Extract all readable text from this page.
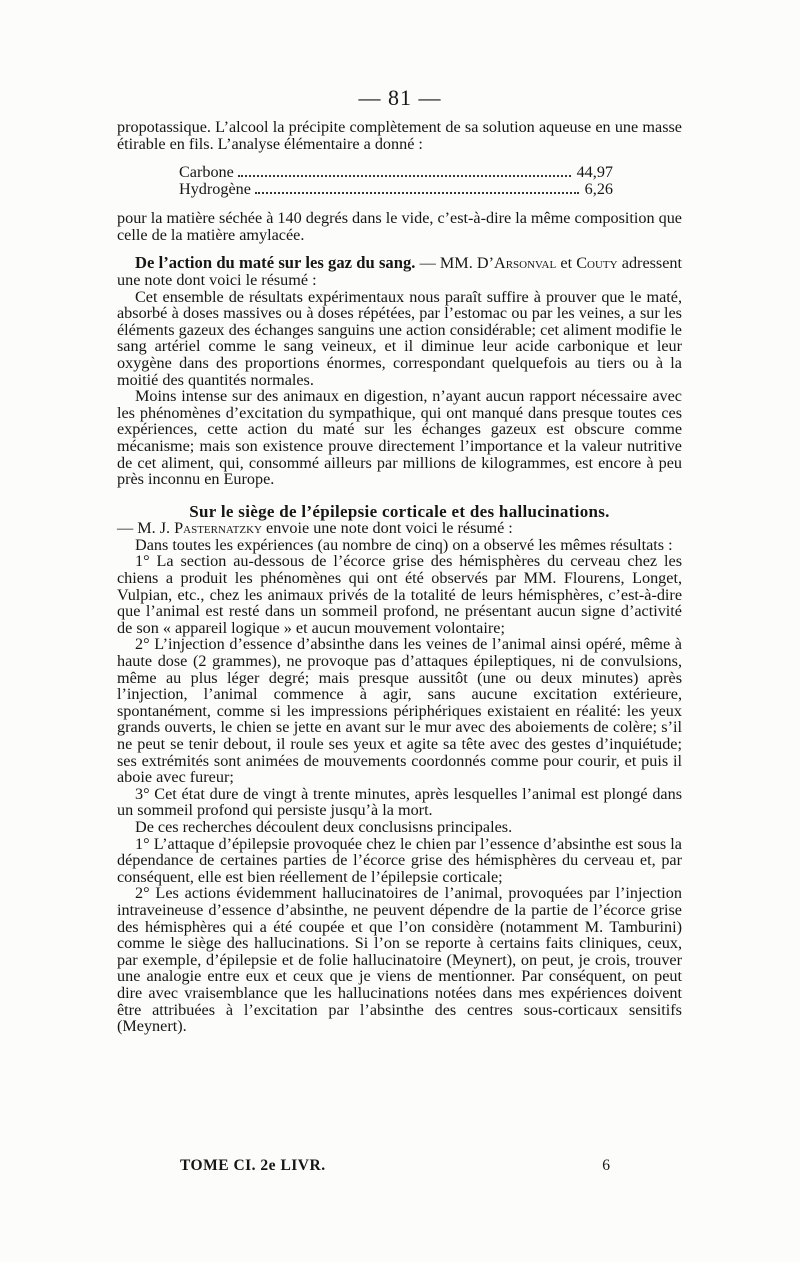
— 81 —

propotassique. L’alcool la précipite complètement de sa solution aqueuse en une masse étirable en fils. L’analyse élémentaire a donné :

Carbone	44,97
Hydrogène	6,26

pour la matière séchée à 140 degrés dans le vide, c’est-à-dire la même composition que celle de la matière amylacée.

De l’action du maté sur les gaz du sang. — MM. D’Arsonval et Couty adressent une note dont voici le résumé :

Cet ensemble de résultats expérimentaux nous paraît suffire à prouver que le maté, absorbé à doses massives ou à doses répétées, par l’estomac ou par les veines, a sur les éléments gazeux des échanges sanguins une action considérable; cet aliment modifie le sang artériel comme le sang veineux, et il diminue leur acide carbonique et leur oxygène dans des proportions énormes, correspondant quelquefois au tiers ou à la moitié des quantités normales.

Moins intense sur des animaux en digestion, n’ayant aucun rapport nécessaire avec les phénomènes d’excitation du sympathique, qui ont manqué dans presque toutes ces expériences, cette action du maté sur les échanges gazeux est obscure comme mécanisme; mais son existence prouve directement l’importance et la valeur nutritive de cet aliment, qui, consommé ailleurs par millions de kilogrammes, est encore à peu près inconnu en Europe.

Sur le siège de l’épilepsie corticale et des hallucinations.

— M. J. Pasternatzky envoie une note dont voici le résumé :

Dans toutes les expériences (au nombre de cinq) on a observé les mêmes résultats :

1° La section au-dessous de l’écorce grise des hémisphères du cerveau chez les chiens a produit les phénomènes qui ont été observés par MM. Flourens, Longet, Vulpian, etc., chez les animaux privés de la totalité de leurs hémisphères, c’est-à-dire que l’animal est resté dans un sommeil profond, ne présentant aucun signe d’activité de son « appareil logique » et aucun mouvement volontaire;

2° L’injection d’essence d’absinthe dans les veines de l’animal ainsi opéré, même à haute dose (2 grammes), ne provoque pas d’attaques épileptiques, ni de convulsions, même au plus léger degré; mais presque aussitôt (une ou deux minutes) après l’injection, l’animal commence à agir, sans aucune excitation extérieure, spontanément, comme si les impressions périphériques existaient en réalité: les yeux grands ouverts, le chien se jette en avant sur le mur avec des aboiements de colère; s’il ne peut se tenir debout, il roule ses yeux et agite sa tête avec des gestes d’inquiétude; ses extrémités sont animées de mouvements coordonnés comme pour courir, et puis il aboie avec fureur;

3° Cet état dure de vingt à trente minutes, après lesquelles l’animal est plongé dans un sommeil profond qui persiste jusqu’à la mort.

De ces recherches découlent deux conclusisns principales.

1° L’attaque d’épilepsie provoquée chez le chien par l’essence d’absinthe est sous la dépendance de certaines parties de l’écorce grise des hémisphères du cerveau et, par conséquent, elle est bien réellement de l’épilepsie corticale;

2° Les actions évidemment hallucinatoires de l’animal, provoquées par l’injection intraveineuse d’essence d’absinthe, ne peuvent dépendre de la partie de l’écorce grise des hémisphères qui a été coupée et que l’on considère (notamment M. Tamburini) comme le siège des hallucinations. Si l’on se reporte à certains faits cliniques, ceux, par exemple, d’épilepsie et de folie hallucinatoire (Meynert), on peut, je crois, trouver une analogie entre eux et ceux que je viens de mentionner. Par conséquent, on peut dire avec vraisemblance que les hallucinations notées dans mes expériences doivent être attribuées à l’excitation par l’absinthe des centres sous-corticaux sensitifs (Meynert).

TOME CI. 2e LIVR.	6
